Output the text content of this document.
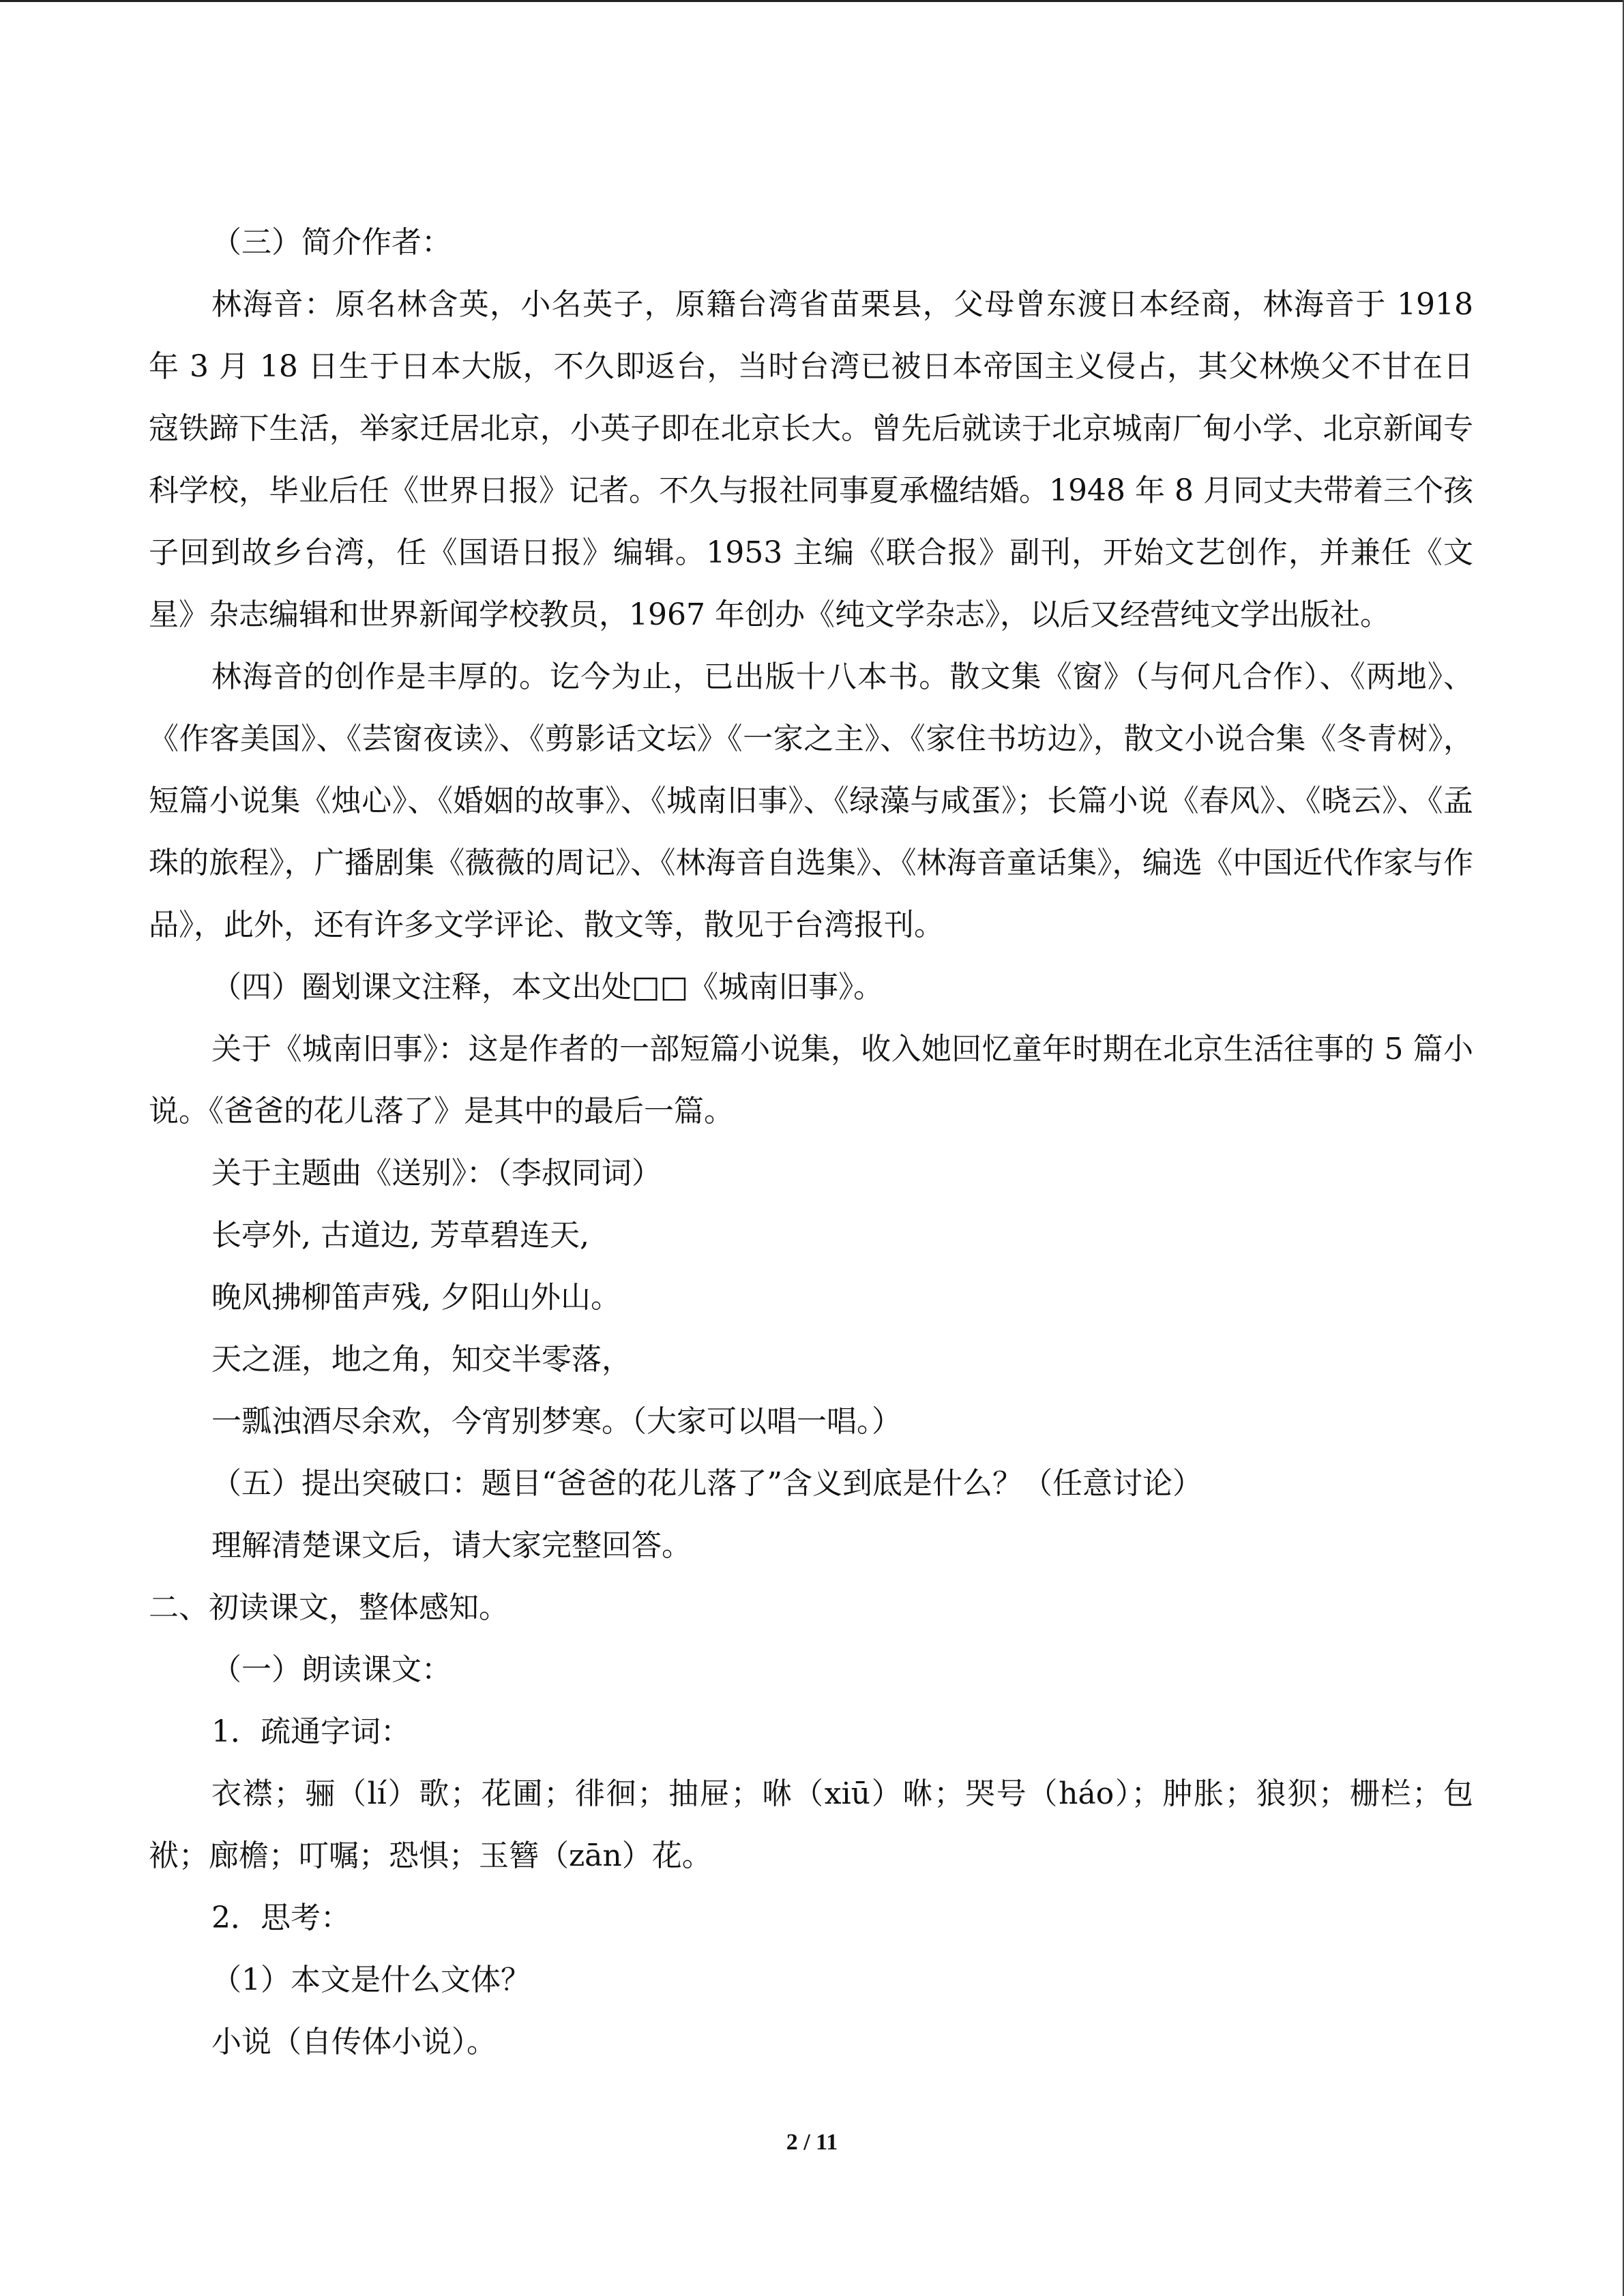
（三）简介作者：

林海音：原名林含英，小名英子，原籍台湾省苗栗县，父母曾东渡日本经商，林海音于 1918 年 3 月 18 日生于日本大版，不久即返台，当时台湾已被日本帝国主义侵占，其父林焕父不甘在日寇铁蹄下生活，举家迁居北京，小英子即在北京长大。曾先后就读于北京城南厂甸小学、北京新闻专科学校，毕业后任《世界日报》记者。不久与报社同事夏承楹结婚。1948 年 8 月同丈夫带着三个孩子回到故乡台湾，任《国语日报》编辑。1953 主编《联合报》副刊，开始文艺创作，并兼任《文星》杂志编辑和世界新闻学校教员，1967 年创办《纯文学杂志》，以后又经营纯文学出版社。

林海音的创作是丰厚的。讫今为止，已出版十八本书。散文集《窗》（与何凡合作）、《两地》、《作客美国》、《芸窗夜读》、《剪影话文坛》《一家之主》、《家住书坊边》，散文小说合集《冬青树》，短篇小说集《烛心》、《婚姻的故事》、《城南旧事》、《绿藻与咸蛋》；长篇小说《春风》、《晓云》、《孟珠的旅程》，广播剧集《薇薇的周记》、《林海音自选集》、《林海音童话集》，编选《中国近代作家与作品》，此外，还有许多文学评论、散文等，散见于台湾报刊。

（四）圈划课文注释，本文出处□□《城南旧事》。

关于《城南旧事》：这是作者的一部短篇小说集，收入她回忆童年时期在北京生活往事的 5 篇小说。《爸爸的花儿落了》是其中的最后一篇。

关于主题曲《送别》：（李叔同词）

长亭外, 古道边, 芳草碧连天,

晚风拂柳笛声残, 夕阳山外山。

天之涯，地之角，知交半零落，

一瓢浊酒尽余欢，今宵别梦寒。（大家可以唱一唱。）

（五）提出突破口：题目“爸爸的花儿落了”含义到底是什么？（任意讨论）

理解清楚课文后，请大家完整回答。

二、初读课文，整体感知。

（一）朗读课文：

1．疏通字词：

衣襟；骊（lí）歌；花圃；徘徊；抽屉；咻（xiū）咻；哭号（háo）；肿胀；狼狈；栅栏；包袱；廊檐；叮嘱；恐惧；玉簪（zān）花。

2．思考：

（1）本文是什么文体？

小说（自传体小说）。

2 / 11
